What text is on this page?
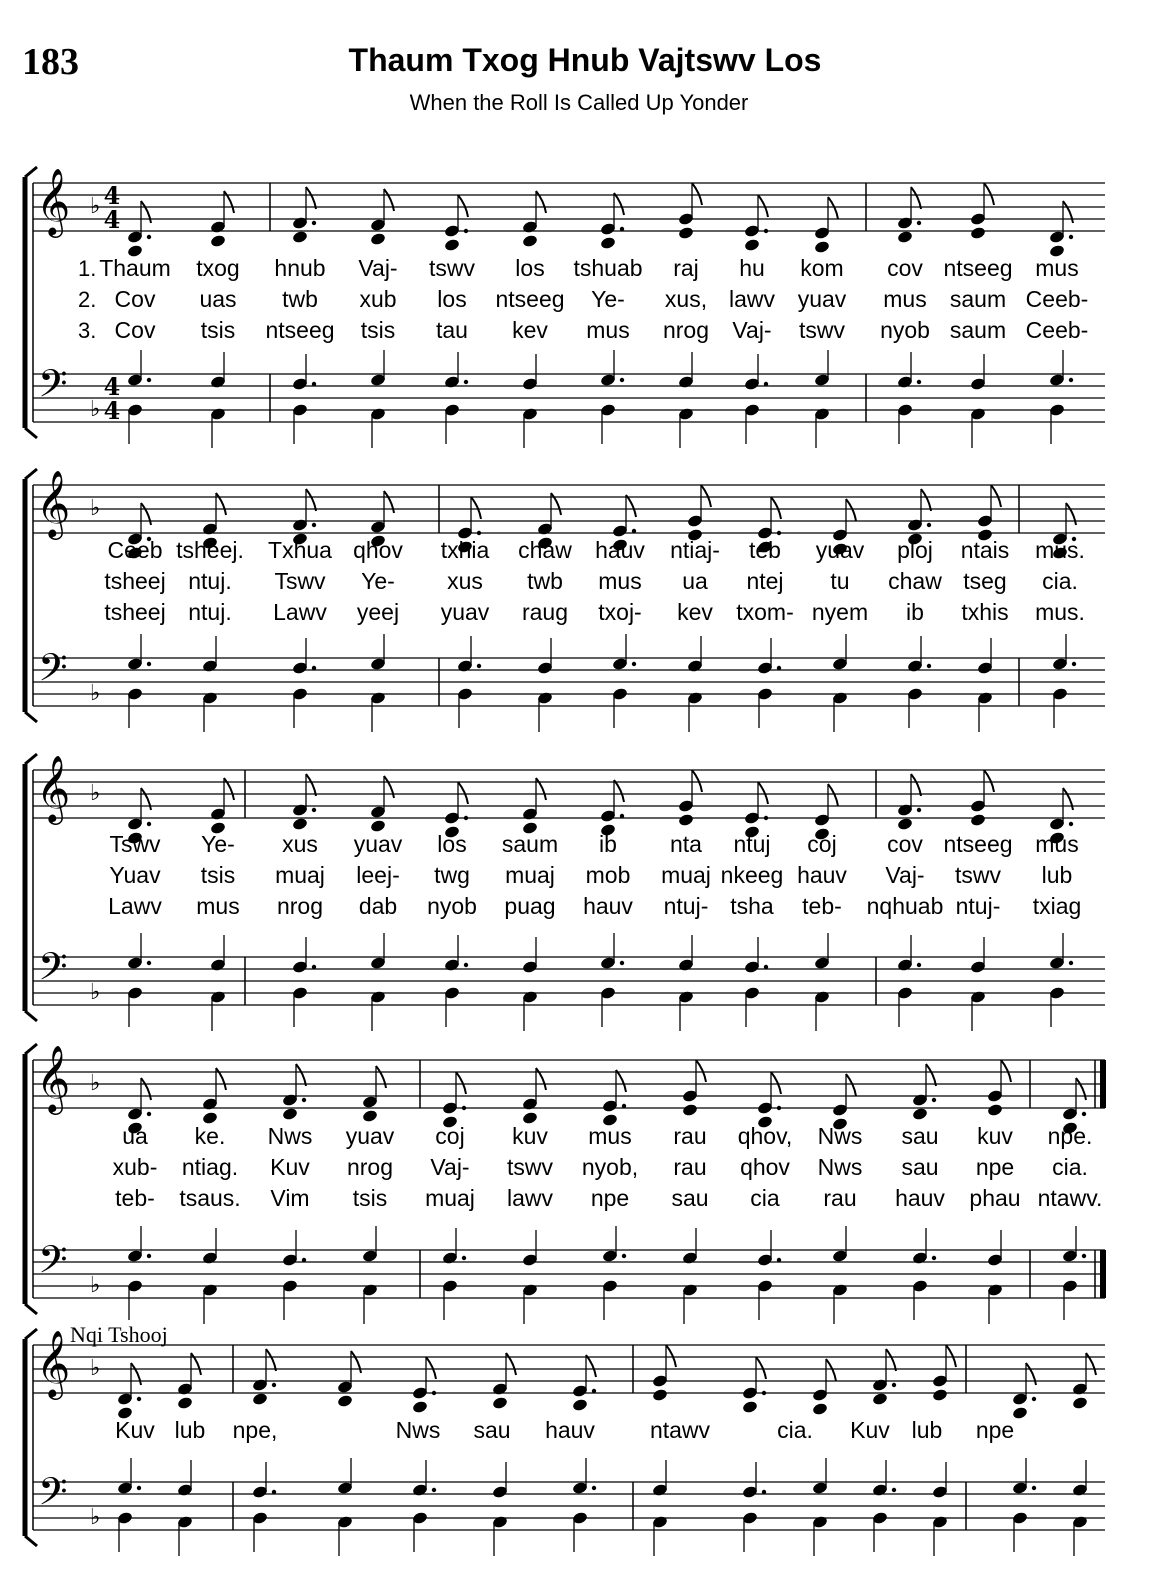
183	Thaum Txog Hnub Vajtswv Los
When the Roll Is Called Up Yonder
𝄞 ♭ 4
4
𝄢 ♭
4
4
1.
2.
3.
Thaum txog hnub Vaj- tswv los tshuab raj hu kom cov ntseeg mus
Cov uas twb xub los ntseeg Ye- xus, lawv yuav mus saum Ceeb-
Cov tsis ntseeg tsis tau kev mus nrog Vaj- tswv nyob saum Ceeb-
𝄞 ♭
𝄢 ♭
Ceeb tsheej. Txhua qhov txhia chaw hauv ntiaj- teb yuav ploj ntais mus.
tsheej ntuj. Tswv Ye- xus twb mus ua ntej tu chaw tseg cia.
tsheej ntuj. Lawv yeej yuav raug txoj- kev txom- nyem ib txhis mus.
𝄞 ♭
𝄢 ♭
Tswv Ye- xus yuav los saum ib nta ntuj coj cov ntseeg mus
Yuav tsis muaj leej- twg muaj mob muaj nkeeg hauv Vaj- tswv lub
Lawv mus nrog dab nyob puag hauv ntuj- tsha teb- nqhuab ntuj- txiag
𝄞 ♭
𝄢 ♭
ua ke. Nws yuav coj kuv mus rau qhov, Nws sau kuv npe.
xub- ntiag. Kuv nrog Vaj- tswv nyob, rau qhov Nws sau npe cia.
teb- tsaus. Vim tsis muaj lawv npe sau cia rau hauv phau ntawv.
𝄞 ♭
𝄢 ♭
Nqi Tshooj
Kuv lub npe,	Nws sau hauv ntawv	cia. Kuv lub npe
